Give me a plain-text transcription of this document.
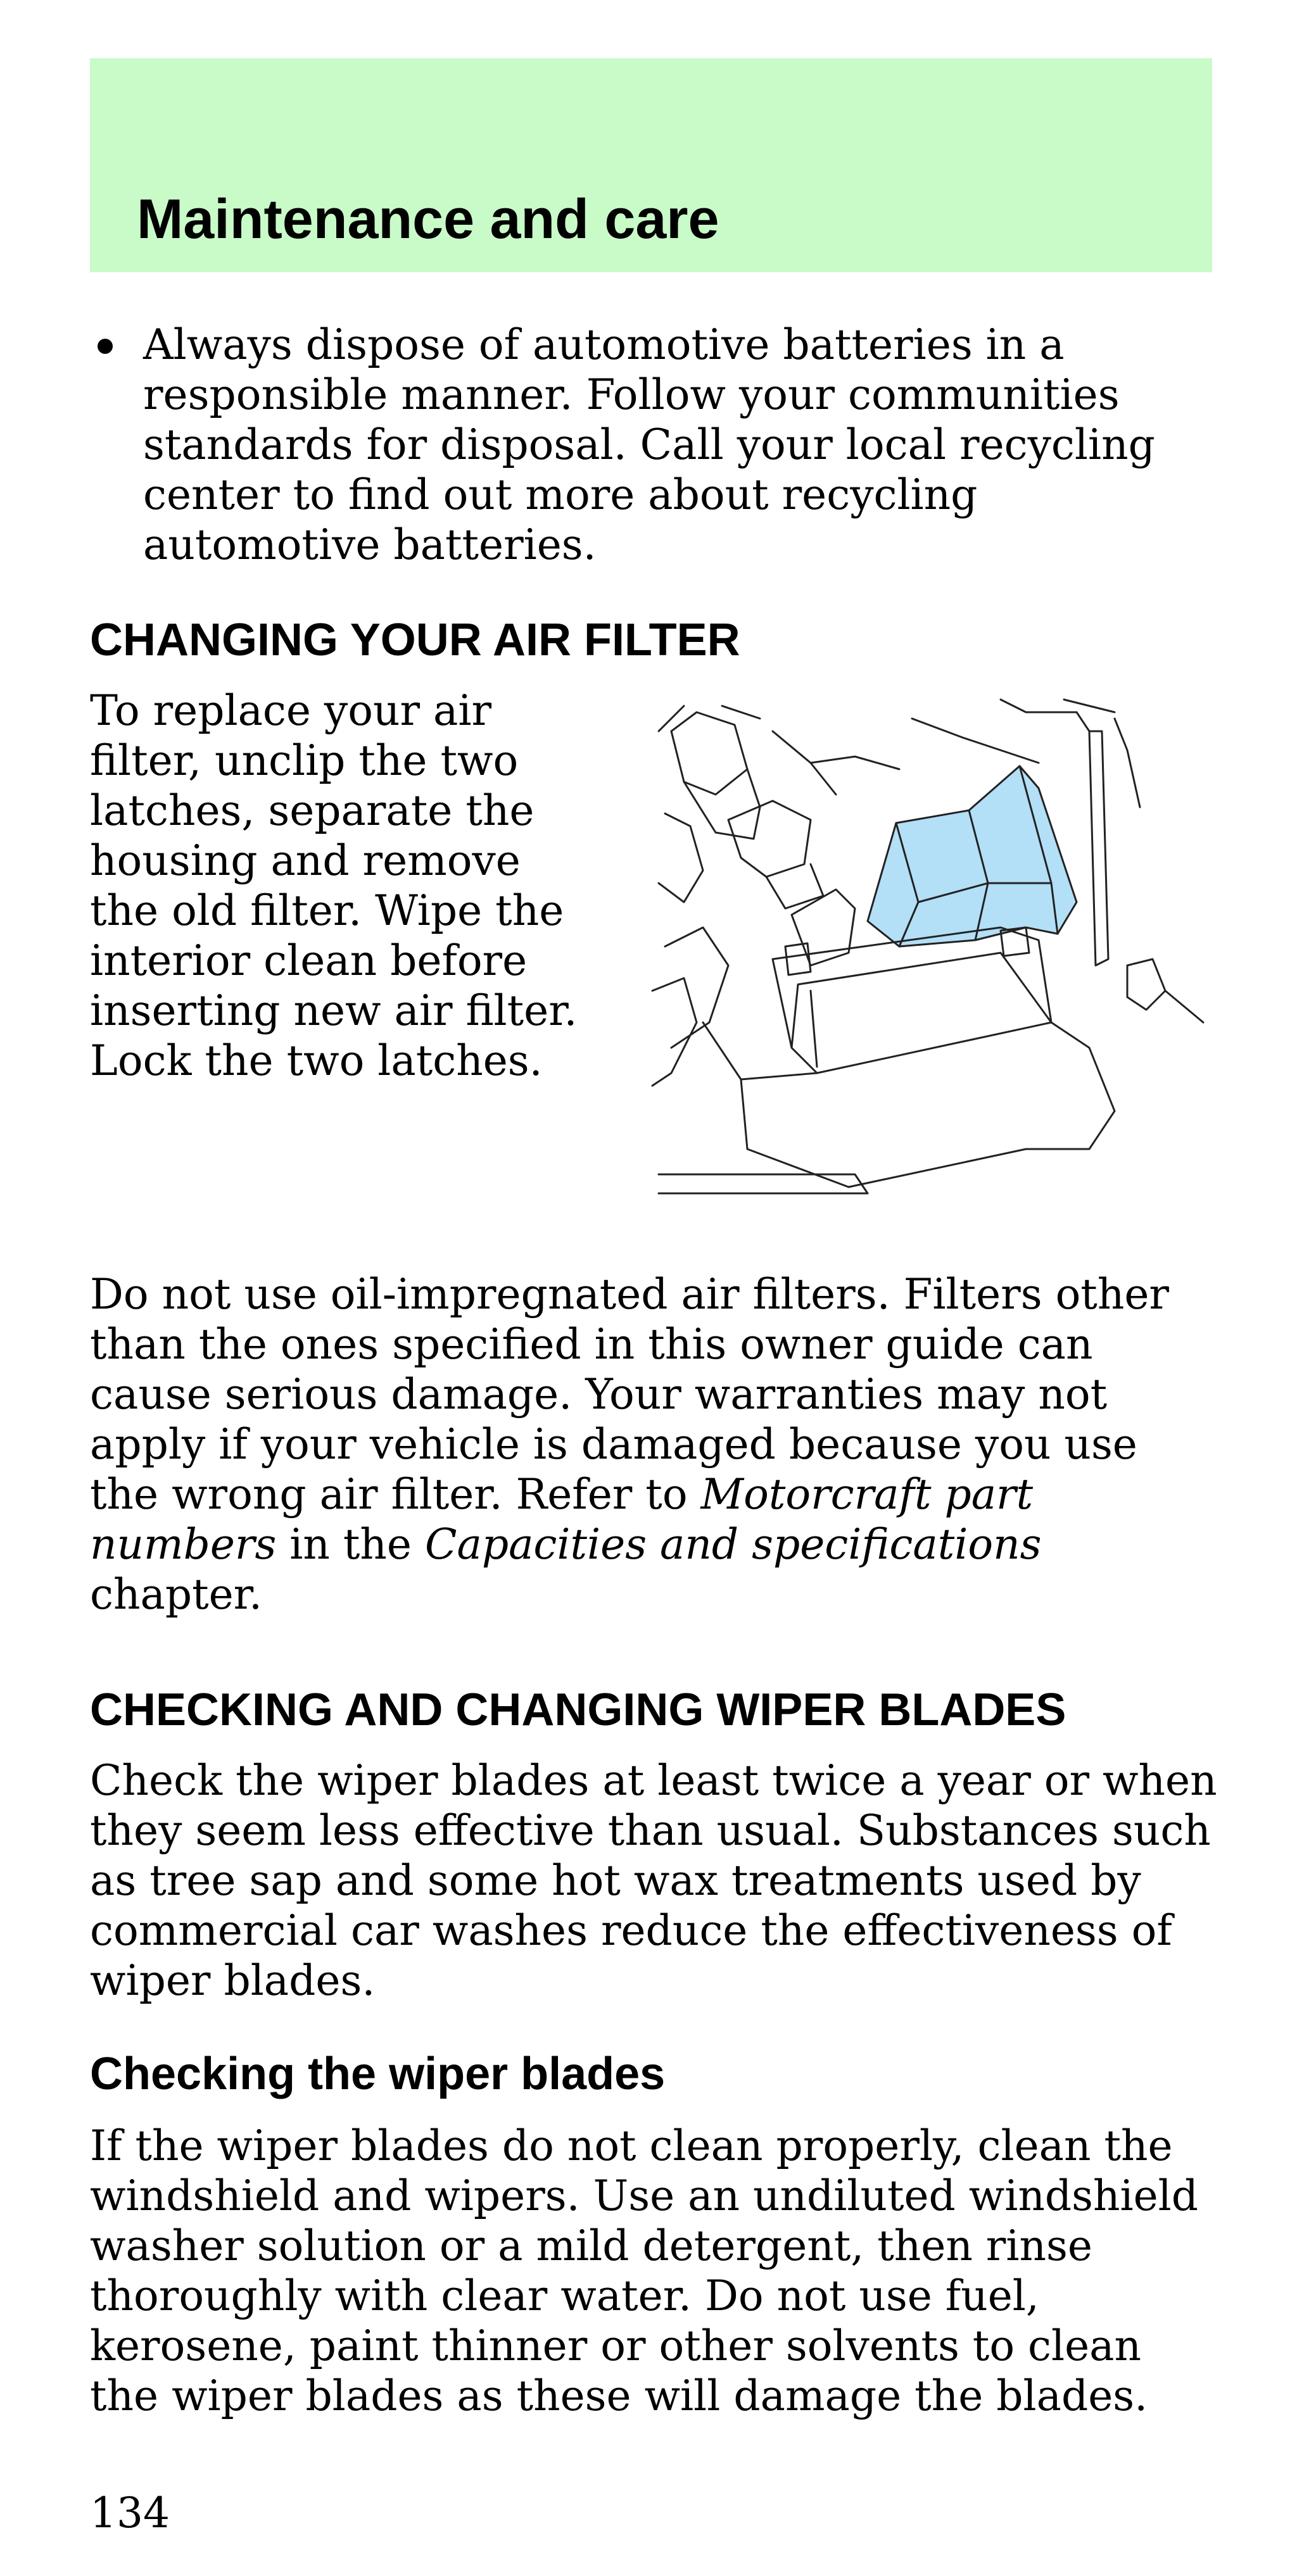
Maintenance and care
Always dispose of automotive batteries in a
responsible manner. Follow your communities
standards for disposal. Call your local recycling
center to find out more about recycling
automotive batteries.
CHANGING YOUR AIR FILTER
To replace your air
filter, unclip the two
latches, separate the
housing and remove
the old filter. Wipe the
interior clean before
inserting new air filter.
Lock the two latches.
Do not use oil-impregnated air filters. Filters other
than the ones specified in this owner guide can
cause serious damage. Your warranties may not
apply if your vehicle is damaged because you use
the wrong air filter. Refer to Motorcraft part
numbers in the Capacities and specifications
chapter.
CHECKING AND CHANGING WIPER BLADES
Check the wiper blades at least twice a year or when
they seem less effective than usual. Substances such
as tree sap and some hot wax treatments used by
commercial car washes reduce the effectiveness of
wiper blades.
Checking the wiper blades
If the wiper blades do not clean properly, clean the
windshield and wipers. Use an undiluted windshield
washer solution or a mild detergent, then rinse
thoroughly with clear water. Do not use fuel,
kerosene, paint thinner or other solvents to clean
the wiper blades as these will damage the blades.
134
